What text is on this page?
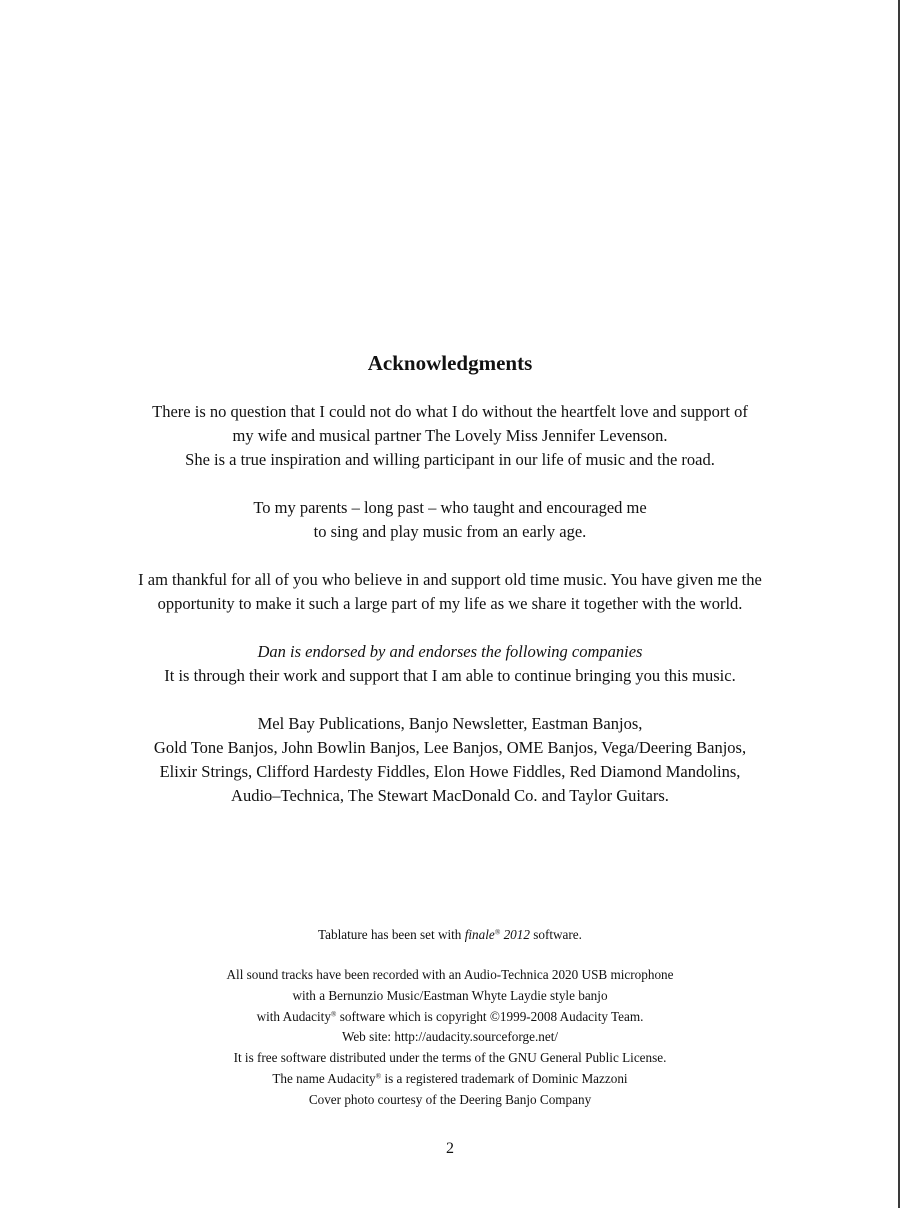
Acknowledgments
There is no question that I could not do what I do without the heartfelt love and support of
my wife and musical partner The Lovely Miss Jennifer Levenson.
She is a true inspiration and willing participant in our life of music and the road.
To my parents – long past – who taught and encouraged me
to sing and play music from an early age.
I am thankful for all of you who believe in and support old time music. You have given me the
opportunity to make it such a large part of my life as we share it together with the world.
Dan is endorsed by and endorses the following companies
It is through their work and support that I am able to continue bringing you this music.
Mel Bay Publications, Banjo Newsletter, Eastman Banjos,
Gold Tone Banjos, John Bowlin Banjos, Lee Banjos, OME Banjos, Vega/Deering Banjos,
Elixir Strings, Clifford Hardesty Fiddles, Elon Howe Fiddles, Red Diamond Mandolins,
Audio–Technica, The Stewart MacDonald Co. and Taylor Guitars.
Tablature has been set with finale® 2012 software.
All sound tracks have been recorded with an Audio-Technica 2020 USB microphone
with a Bernunzio Music/Eastman Whyte Laydie style banjo
with Audacity® software which is copyright ©1999-2008 Audacity Team.
Web site: http://audacity.sourceforge.net/
It is free software distributed under the terms of the GNU General Public License.
The name Audacity® is a registered trademark of Dominic Mazzoni
Cover photo courtesy of the Deering Banjo Company
2
